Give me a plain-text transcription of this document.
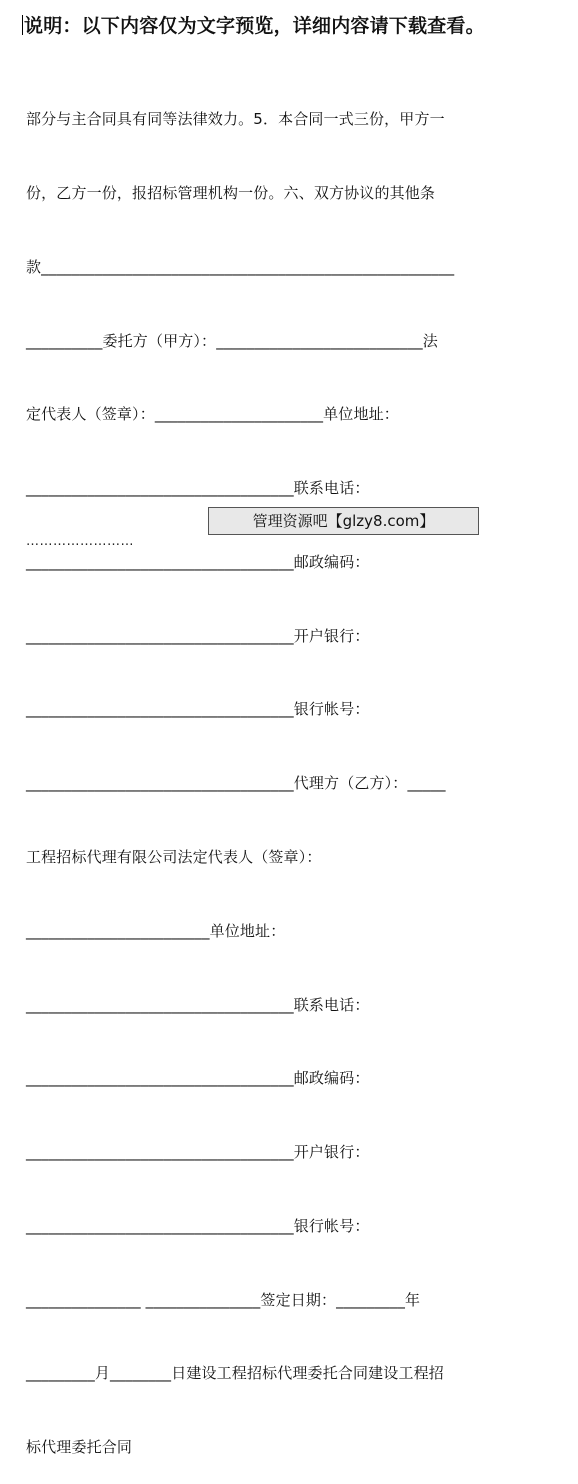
说明：以下内容仅为文字预览，详细内容请下载查看。

部分与主合同具有同等法律效力。5．本合同一式三份，甲方一

份，乙方一份，报招标管理机构一份。六、双方协议的其他条

款______________________________________________________

__________委托方（甲方）：___________________________法

定代表人（签章）：______________________单位地址：

___________________________________联系电话：

___________________________________邮政编码：

___________________________________开户银行：

___________________________________银行帐号：

___________________________________代理方（乙方）：_____

工程招标代理有限公司法定代表人（签章）：

________________________单位地址：

___________________________________联系电话：

___________________________________邮政编码：

___________________________________开户银行：

___________________________________银行帐号：

_______________ _______________签定日期：_________年

_________月________日建设工程招标代理委托合同建设工程招

标代理委托合同

管理资源吧【glzy8.com】
……………………
